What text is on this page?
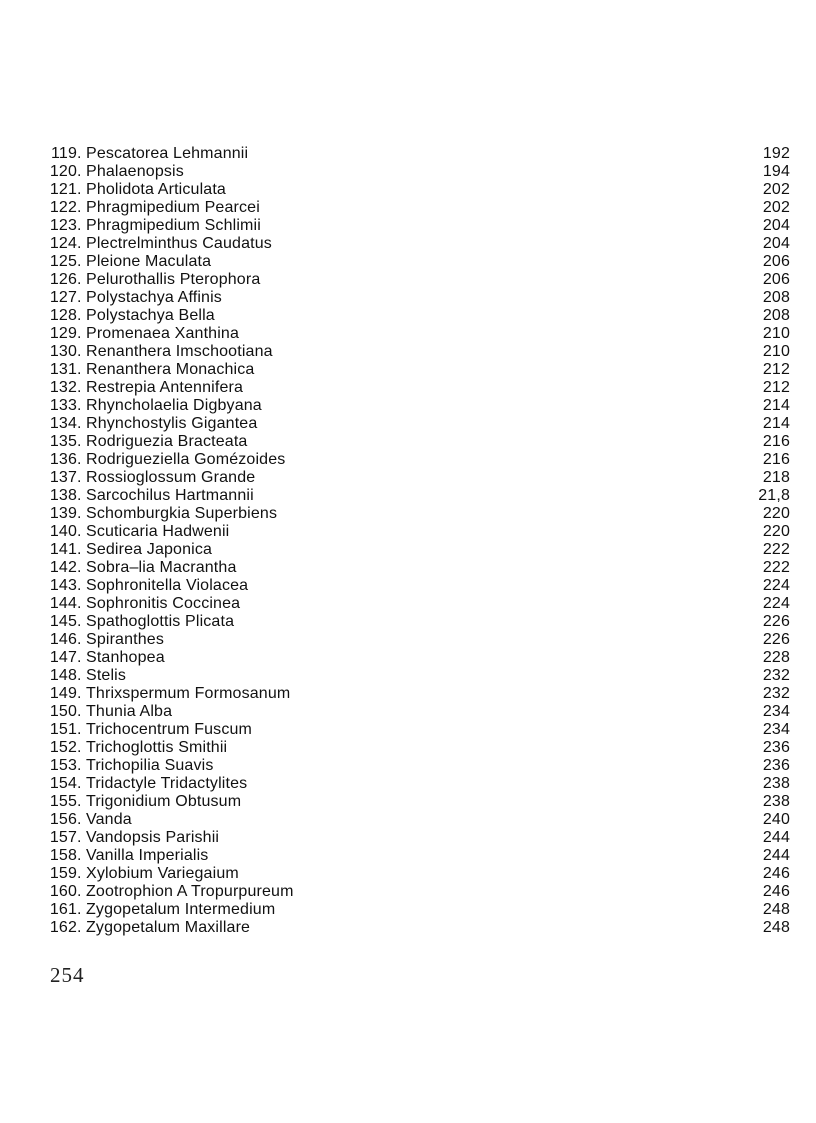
119 . Pescatorea Lehmannii	192
120 . Phalaenopsis	194
121 . Pholidota Articulata	202
122 . Phragmipedium Pearcei	202
123 . Phragmipedium Schlimii	204
124 . Plectrelminthus Caudatus	204
125 . Pleione Maculata	206
126 . Pelurothallis Pterophora	206
127 . Polystachya Affinis	208
128 . Polystachya Bella	208
129 . Promenaea Xanthina	210
130 . Renanthera Imschootiana	210
131 . Renanthera Monachica	212
132 . Restrepia Antennifera	212
133 . Rhyncholaelia Digbyana	214
134 . Rhynchostylis Gigantea	214
135 . Rodriguezia Bracteata	216
136 . Rodrigueziella Gomézoides	216
137 . Rossioglossum Grande	218
138 . Sarcochilus Hartmannii	21,8
139 . Schomburgkia Superbiens	220
140 . Scuticaria Hadwenii	220
141 . Sedirea Japonica	222
142 . Sobra–lia Macrantha	222
143 . Sophronitella Violacea	224
144 . Sophronitis Coccinea	224
145 . Spathoglottis Plicata	226
146 . Spiranthes	226
147 . Stanhopea	228
148 . Stelis	232
149 . Thrixspermum Formosanum	232
150 . Thunia Alba	234
151 . Trichocentrum Fuscum	234
152 . Trichoglottis Smithii	236
153 . Trichopilia Suavis	236
154 . Tridactyle Tridactylites	238
155 . Trigonidium Obtusum	238
156 . Vanda	240
157 . Vandopsis Parishii	244
158 . Vanilla Imperialis	244
159 . Xylobium Variegaium	246
160 . Zootrophion A Tropurpureum	246
161 . Zygopetalum Intermedium	248
162 . Zygopetalum Maxillare	248
254
